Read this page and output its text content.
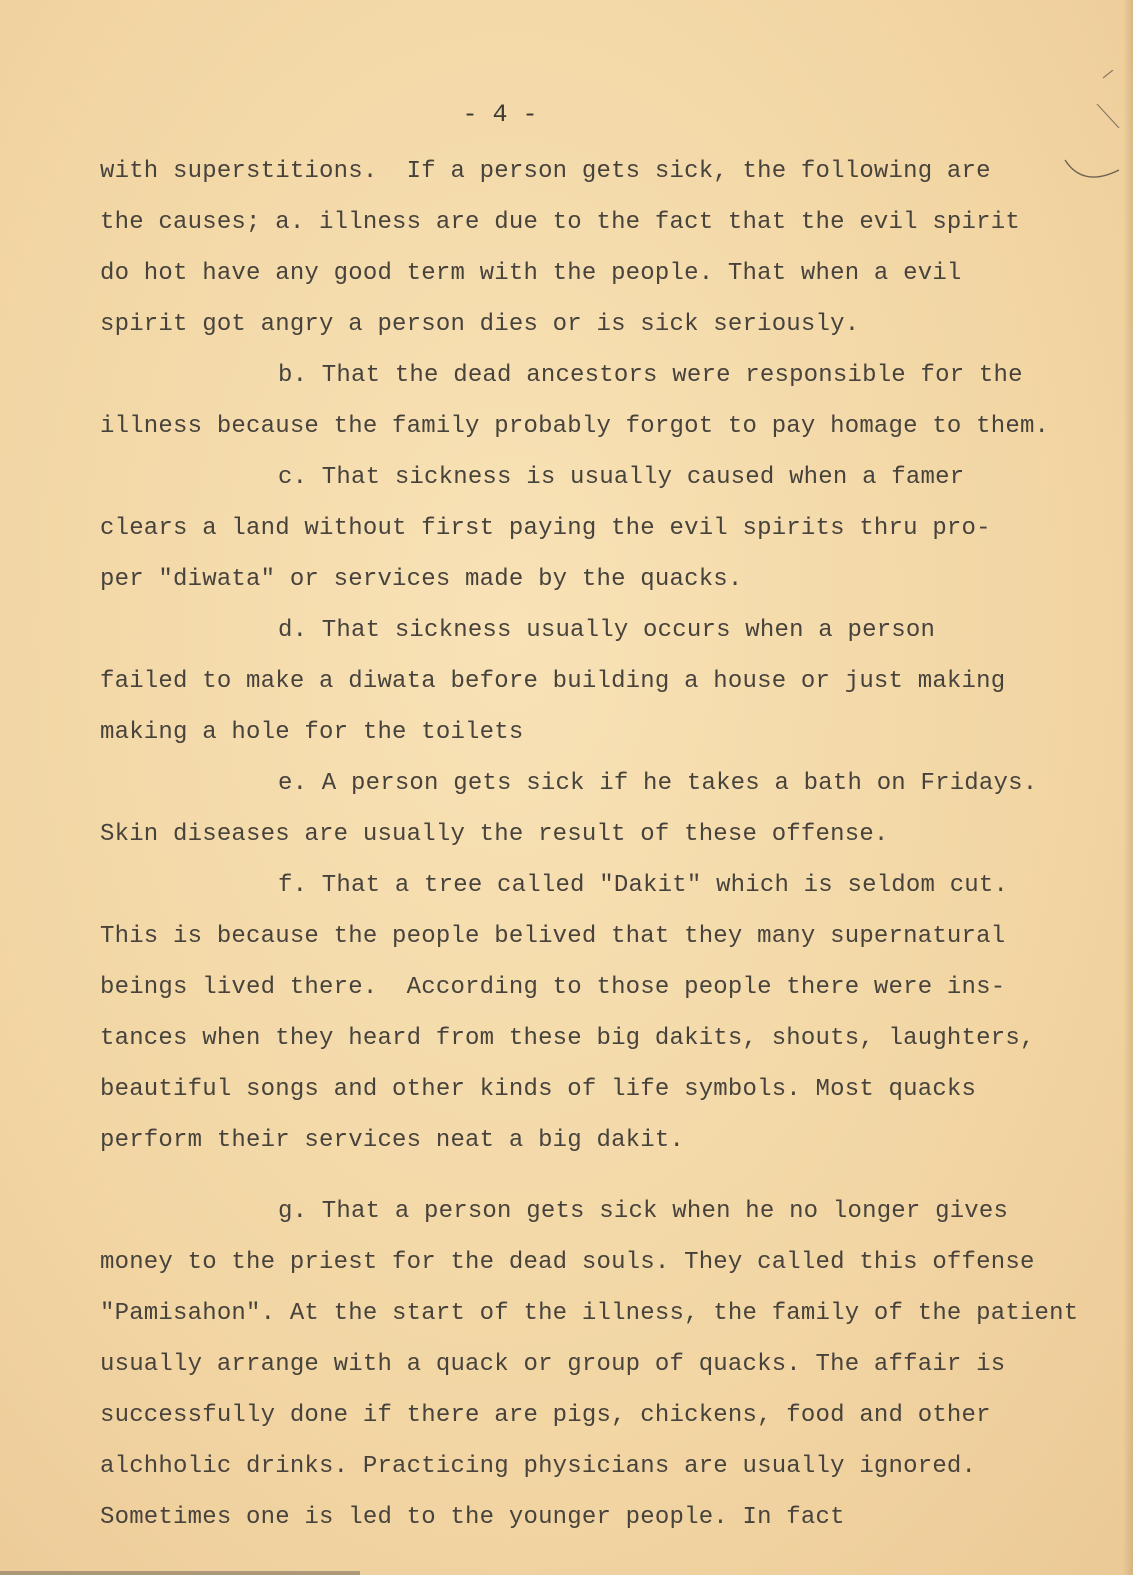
- 4 -
with superstitions.  If a person gets sick, the following are
the causes; a. illness are due to the fact that the evil spirit
do hot have any good term with the people. That when a evil
spirit got angry a person dies or is sick seriously.
b. That the dead ancestors were responsible for the
illness because the family probably forgot to pay homage to them.
c. That sickness is usually caused when a famer
clears a land without first paying the evil spirits thru pro-
per "diwata" or services made by the quacks.
d. That sickness usually occurs when a person
failed to make a diwata before building a house or just making
making a hole for the toilets
e. A person gets sick if he takes a bath on Fridays.
Skin diseases are usually the result of these offense.
f. That a tree called "Dakit" which is seldom cut.
This is because the people belived that they many supernatural
beings lived there.  According to those people there were ins-
tances when they heard from these big dakits, shouts, laughters,
beautiful songs and other kinds of life symbols. Most quacks
perform their services neat a big dakit.
g. That a person gets sick when he no longer gives
money to the priest for the dead souls. They called this offense
"Pamisahon". At the start of the illness, the family of the patient
usually arrange with a quack or group of quacks. The affair is
successfully done if there are pigs, chickens, food and other
alchholic drinks. Practicing physicians are usually ignored.
Sometimes one is led to the younger people. In fact
